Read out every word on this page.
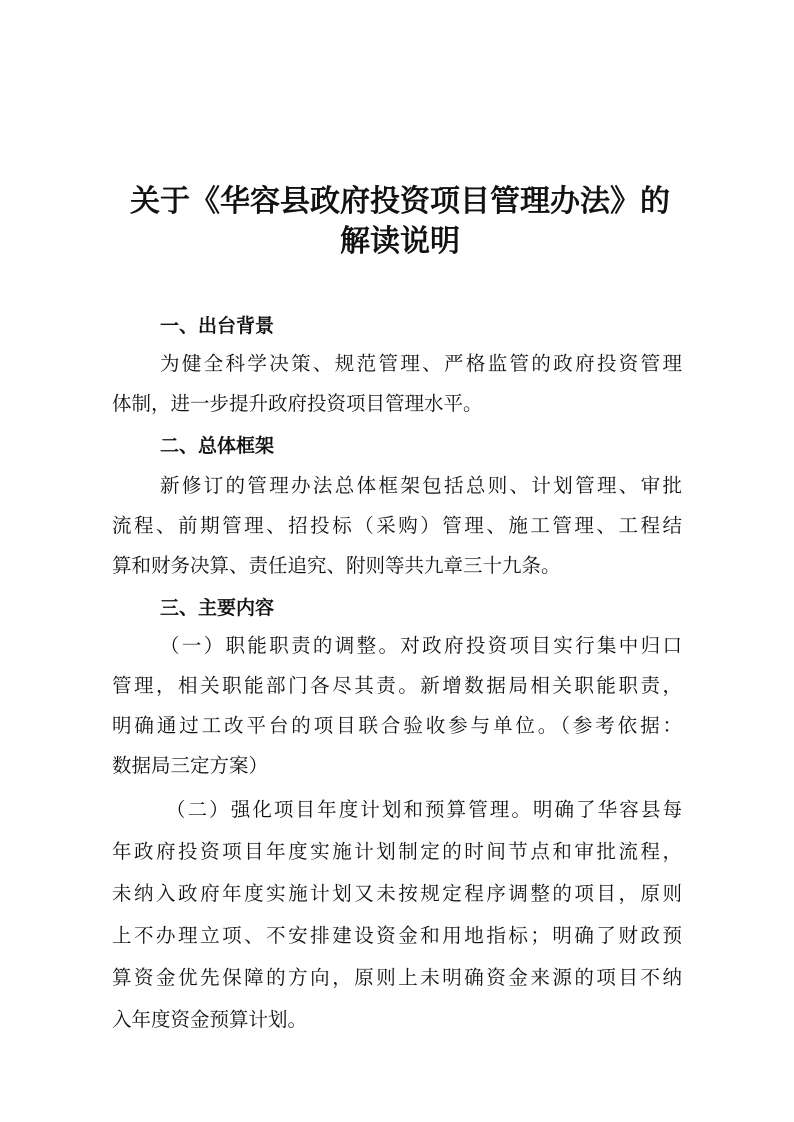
关于《华容县政府投资项目管理办法》的
解读说明
一、出台背景
为健全科学决策、规范管理、严格监管的政府投资管理
体制，进一步提升政府投资项目管理水平。
二、总体框架
新修订的管理办法总体框架包括总则、计划管理、审批
流程、前期管理、招投标（采购）管理、施工管理、工程结
算和财务决算、责任追究、附则等共九章三十九条。
三、主要内容
（一）职能职责的调整。对政府投资项目实行集中归口
管理，相关职能部门各尽其责。新增数据局相关职能职责，
明确通过工改平台的项目联合验收参与单位。（参考依据：
数据局三定方案）
（二）强化项目年度计划和预算管理。明确了华容县每
年政府投资项目年度实施计划制定的时间节点和审批流程，
未纳入政府年度实施计划又未按规定程序调整的项目，原则
上不办理立项、不安排建设资金和用地指标；明确了财政预
算资金优先保障的方向，原则上未明确资金来源的项目不纳
入年度资金预算计划。
